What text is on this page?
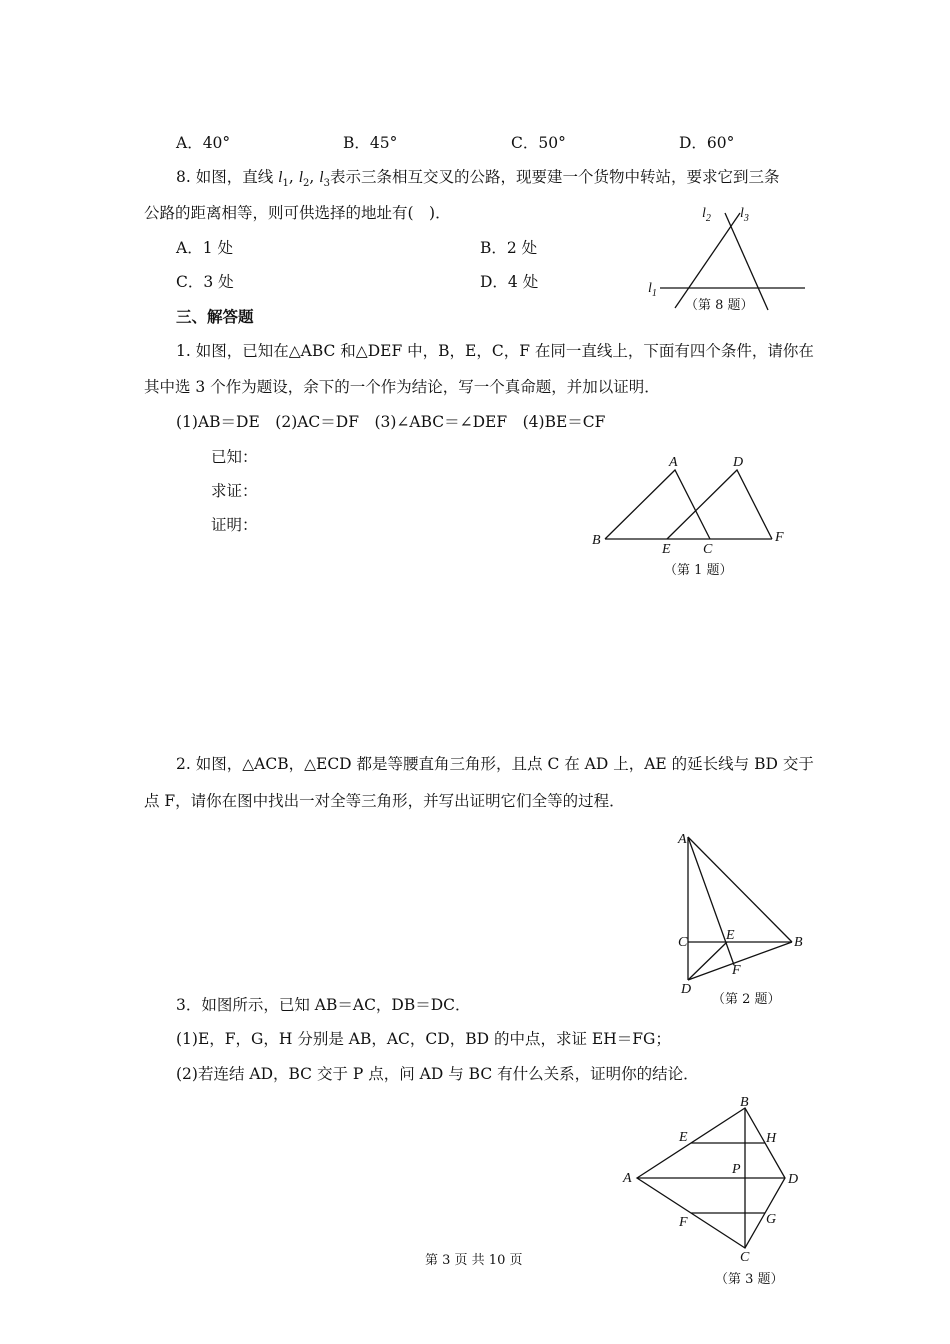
A．40°	B．45°	C．50°	D．60°
8. 如图，直线 $l_1$, $l_2$, $l_3$表示三条相互交叉的公路，现要建一个货物中转站，要求它到三条
公路的距离相等，则可供选择的地址有(　)．
A．1 处	B．2 处
C．3 处	D．4 处
$l_2$ $l_3$
$l_1$
（第 8 题）
三、解答题
1. 如图，已知在△ABC 和△DEF 中，B，E，C，F 在同一直线上，下面有四个条件，请你在
其中选 3 个作为题设，余下的一个作为结论，写一个真命题，并加以证明．
(1)AB＝DE　(2)AC＝DF　(3)∠ABC＝∠DEF　(4)BE＝CF
已知：
求证：
证明：
A	D
B
E C
F
（第 1 题）
2. 如图，△ACB，△ECD 都是等腰直角三角形，且点 C 在 AD 上，AE 的延长线与 BD 交于
点 F，请你在图中找出一对全等三角形，并写出证明它们全等的过程．
A
C	E	B
F
D
（第 2 题）
3．如图所示，已知 AB＝AC，DB＝DC．
(1)E，F，G，H 分别是 AB，AC，CD，BD 的中点，求证 EH＝FG；
(2)若连结 AD，BC 交于 P 点，问 AD 与 BC 有什么关系，证明你的结论．
A
B
E	H
P
D
F	G
C
（第 3 题）
第 3 页 共 10 页
